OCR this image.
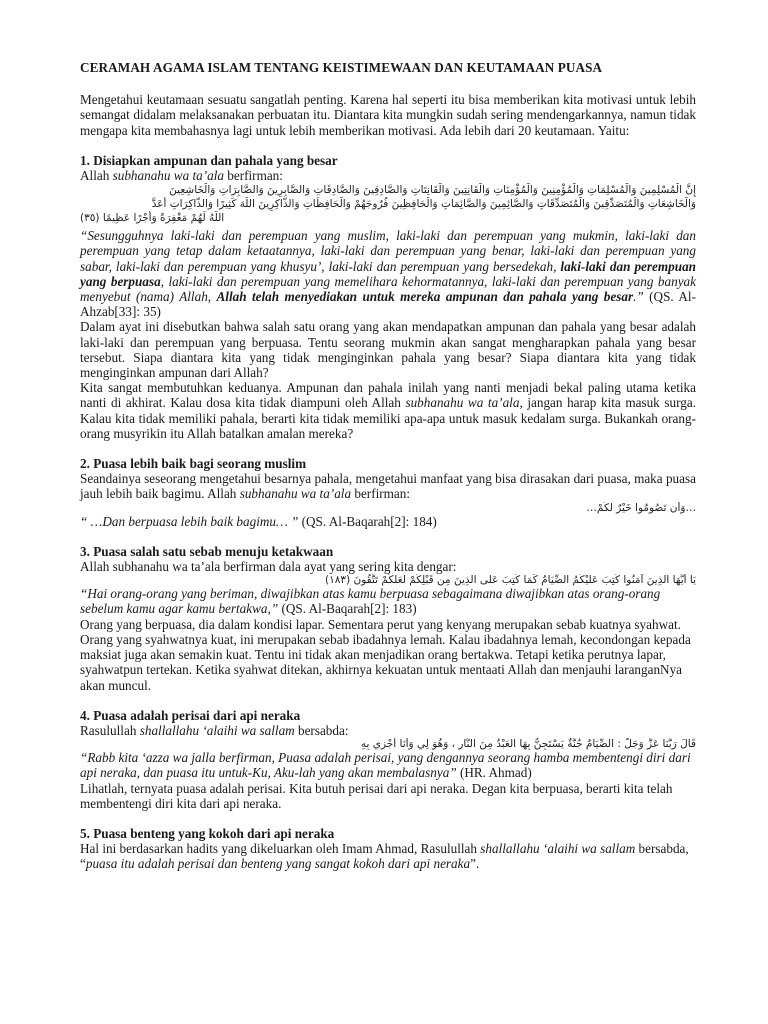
CERAMAH AGAMA ISLAM TENTANG KEISTIMEWAAN DAN KEUTAMAAN PUASA

Mengetahui keutamaan sesuatu sangatlah penting. Karena hal seperti itu bisa memberikan kita motivasi untuk lebih semangat didalam melaksanakan perbuatan itu. Diantara kita mungkin sudah sering mendengarkannya, namun tidak mengapa kita membahasnya lagi untuk lebih memberikan motivasi. Ada lebih dari 20 keutamaan. Yaitu:

1. Disiapkan ampunan dan pahala yang besar

Allah subhanahu wa ta’ala berfirman:

إِنَّ الْمُسْلِمِينَ وَالْمُسْلِمَاتِ وَالْمُؤْمِنِينَ وَالْمُؤْمِنَاتِ وَالْقَانِتِينَ وَالْقَانِتَاتِ وَالصَّادِقِينَ وَالصَّادِقَاتِ وَالصَّابِرِينَ وَالصَّابِرَاتِ وَالْخَاشِعِينَ
وَالْخَاشِعَاتِ وَالْمُتَصَدِّقِينَ وَالْمُتَصَدِّقَاتِ وَالصَّائِمِينَ وَالصَّائِمَاتِ وَالْحَافِظِينَ فُرُوجَهُمْ وَالْحَافِظَاتِ وَالذَّاكِرِينَ اللَّهَ كَثِيرًا وَالذَّاكِرَاتِ أَعَدَّ
اللَّهُ لَهُمْ مَغْفِرَةً وَأَجْرًا عَظِيمًا (٣٥)

“Sesungguhnya laki-laki dan perempuan yang muslim, laki-laki dan perempuan yang mukmin, laki-laki dan perempuan yang tetap dalam ketaatannya, laki-laki dan perempuan yang benar, laki-laki dan perempuan yang sabar, laki-laki dan perempuan yang khusyu’, laki-laki dan perempuan yang bersedekah, laki-laki dan perempuan yang berpuasa, laki-laki dan perempuan yang memelihara kehormatannya, laki-laki dan perempuan yang banyak menyebut (nama) Allah, Allah telah menyediakan untuk mereka ampunan dan pahala yang besar.” (QS. Al-Ahzab[33]: 35)

Dalam ayat ini disebutkan bahwa salah satu orang yang akan mendapatkan ampunan dan pahala yang besar adalah laki-laki dan perempuan yang berpuasa. Tentu seorang mukmin akan sangat mengharapkan pahala yang besar tersebut. Siapa diantara kita yang tidak menginginkan pahala yang besar? Siapa diantara kita yang tidak menginginkan ampunan dari Allah?

Kita sangat membutuhkan keduanya. Ampunan dan pahala inilah yang nanti menjadi bekal paling utama ketika nanti di akhirat. Kalau dosa kita tidak diampuni oleh Allah subhanahu wa ta’ala, jangan harap kita masuk surga. Kalau kita tidak memiliki pahala, berarti kita tidak memiliki apa-apa untuk masuk kedalam surga. Bukankah orang-orang musyrikin itu Allah batalkan amalan mereka?

2. Puasa lebih baik bagi seorang muslim

Seandainya seseorang mengetahui besarnya pahala, mengetahui manfaat yang bisa dirasakan dari puasa, maka puasa jauh lebih baik bagimu. Allah subhanahu wa ta’ala berfirman:

…وَأَن تَصُومُوا خَيْرٌ لَّكُمْ…

“ …Dan berpuasa lebih baik bagimu… ” (QS. Al-Baqarah[2]: 184)

3. Puasa salah satu sebab menuju ketakwaan

Allah subhanahu wa ta’ala berfirman dala ayat yang sering kita dengar:

يَا أَيُّهَا الَّذِينَ آمَنُوا كُتِبَ عَلَيْكُمُ الصِّيَامُ كَمَا كُتِبَ عَلَى الَّذِينَ مِن قَبْلِكُمْ لَعَلَّكُمْ تَتَّقُونَ (١٨٣)

“Hai orang-orang yang beriman, diwajibkan atas kamu berpuasa sebagaimana diwajibkan atas orang-orang sebelum kamu agar kamu bertakwa,” (QS. Al-Baqarah[2]: 183)

Orang yang berpuasa, dia dalam kondisi lapar. Sementara perut yang kenyang merupakan sebab kuatnya syahwat. Orang yang syahwatnya kuat, ini merupakan sebab ibadahnya lemah. Kalau ibadahnya lemah, kecondongan kepada maksiat juga akan semakin kuat. Tentu ini tidak akan menjadikan orang bertakwa. Tetapi ketika perutnya lapar, syahwatpun tertekan. Ketika syahwat ditekan, akhirnya kekuatan untuk mentaati Allah dan menjauhi laranganNya akan muncul.

4. Puasa adalah perisai dari api neraka

Rasulullah shallallahu ‘alaihi wa sallam bersabda:

قَالَ رَبُّنَا عَزَّ وَجَلَّ : الصِّيَامُ جُنَّةٌ يَسْتَجِنُّ بِهَا الْعَبْدُ مِنَ النَّارِ ، وَهُوَ لِي وَأَنَا أَجْزِي بِهِ

“Rabb kita ‘azza wa jalla berfirman, Puasa adalah perisai, yang dengannya seorang hamba membentengi diri dari api neraka, dan puasa itu untuk-Ku, Aku-lah yang akan membalasnya” (HR. Ahmad)

Lihatlah, ternyata puasa adalah perisai. Kita butuh perisai dari api neraka. Degan kita berpuasa, berarti kita telah membentengi diri kita dari api neraka.

5. Puasa benteng yang kokoh dari api neraka

Hal ini berdasarkan hadits yang dikeluarkan oleh Imam Ahmad, Rasulullah shallallahu ‘alaihi wa sallam bersabda, “puasa itu adalah perisai dan benteng yang sangat kokoh dari api neraka”.
